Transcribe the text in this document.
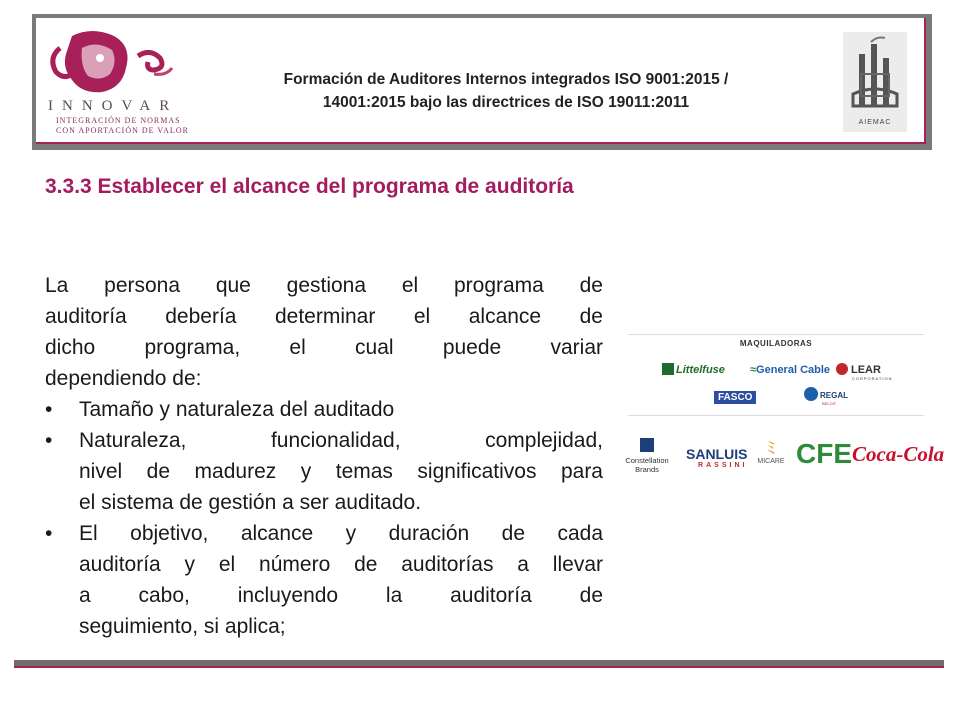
INNOVAR
INTEGRACIÓN DE NORMAS
CON APORTACIÓN DE VALOR
Formación de Auditores Internos integrados ISO 9001:2015 /
14001:2015 bajo las directrices de ISO 19011:2011
AIEMAC
3.3.3 Establecer el alcance del programa de auditoría

La persona que gestiona el programa de
auditoría debería determinar el alcance de
dicho programa, el cual puede variar
dependiendo de:

• Tamaño y naturaleza del auditado
• Naturaleza, funcionalidad, complejidad,
nivel de madurez y temas significativos para
el sistema de gestión a ser auditado.
• El objetivo, alcance y duración de cada
auditoría y el número de auditorías a llevar
a cabo, incluyendo la auditoría de
seguimiento, si aplica;
MAQUILADORAS
Littelfuse ≈General Cable	LEAR
CORPORATION
FASCO	REGAL
BELOIT
Constellation
Brands
SANLUIS
RASSINI
ﾐ
MICARE CFE Coca-Cola
